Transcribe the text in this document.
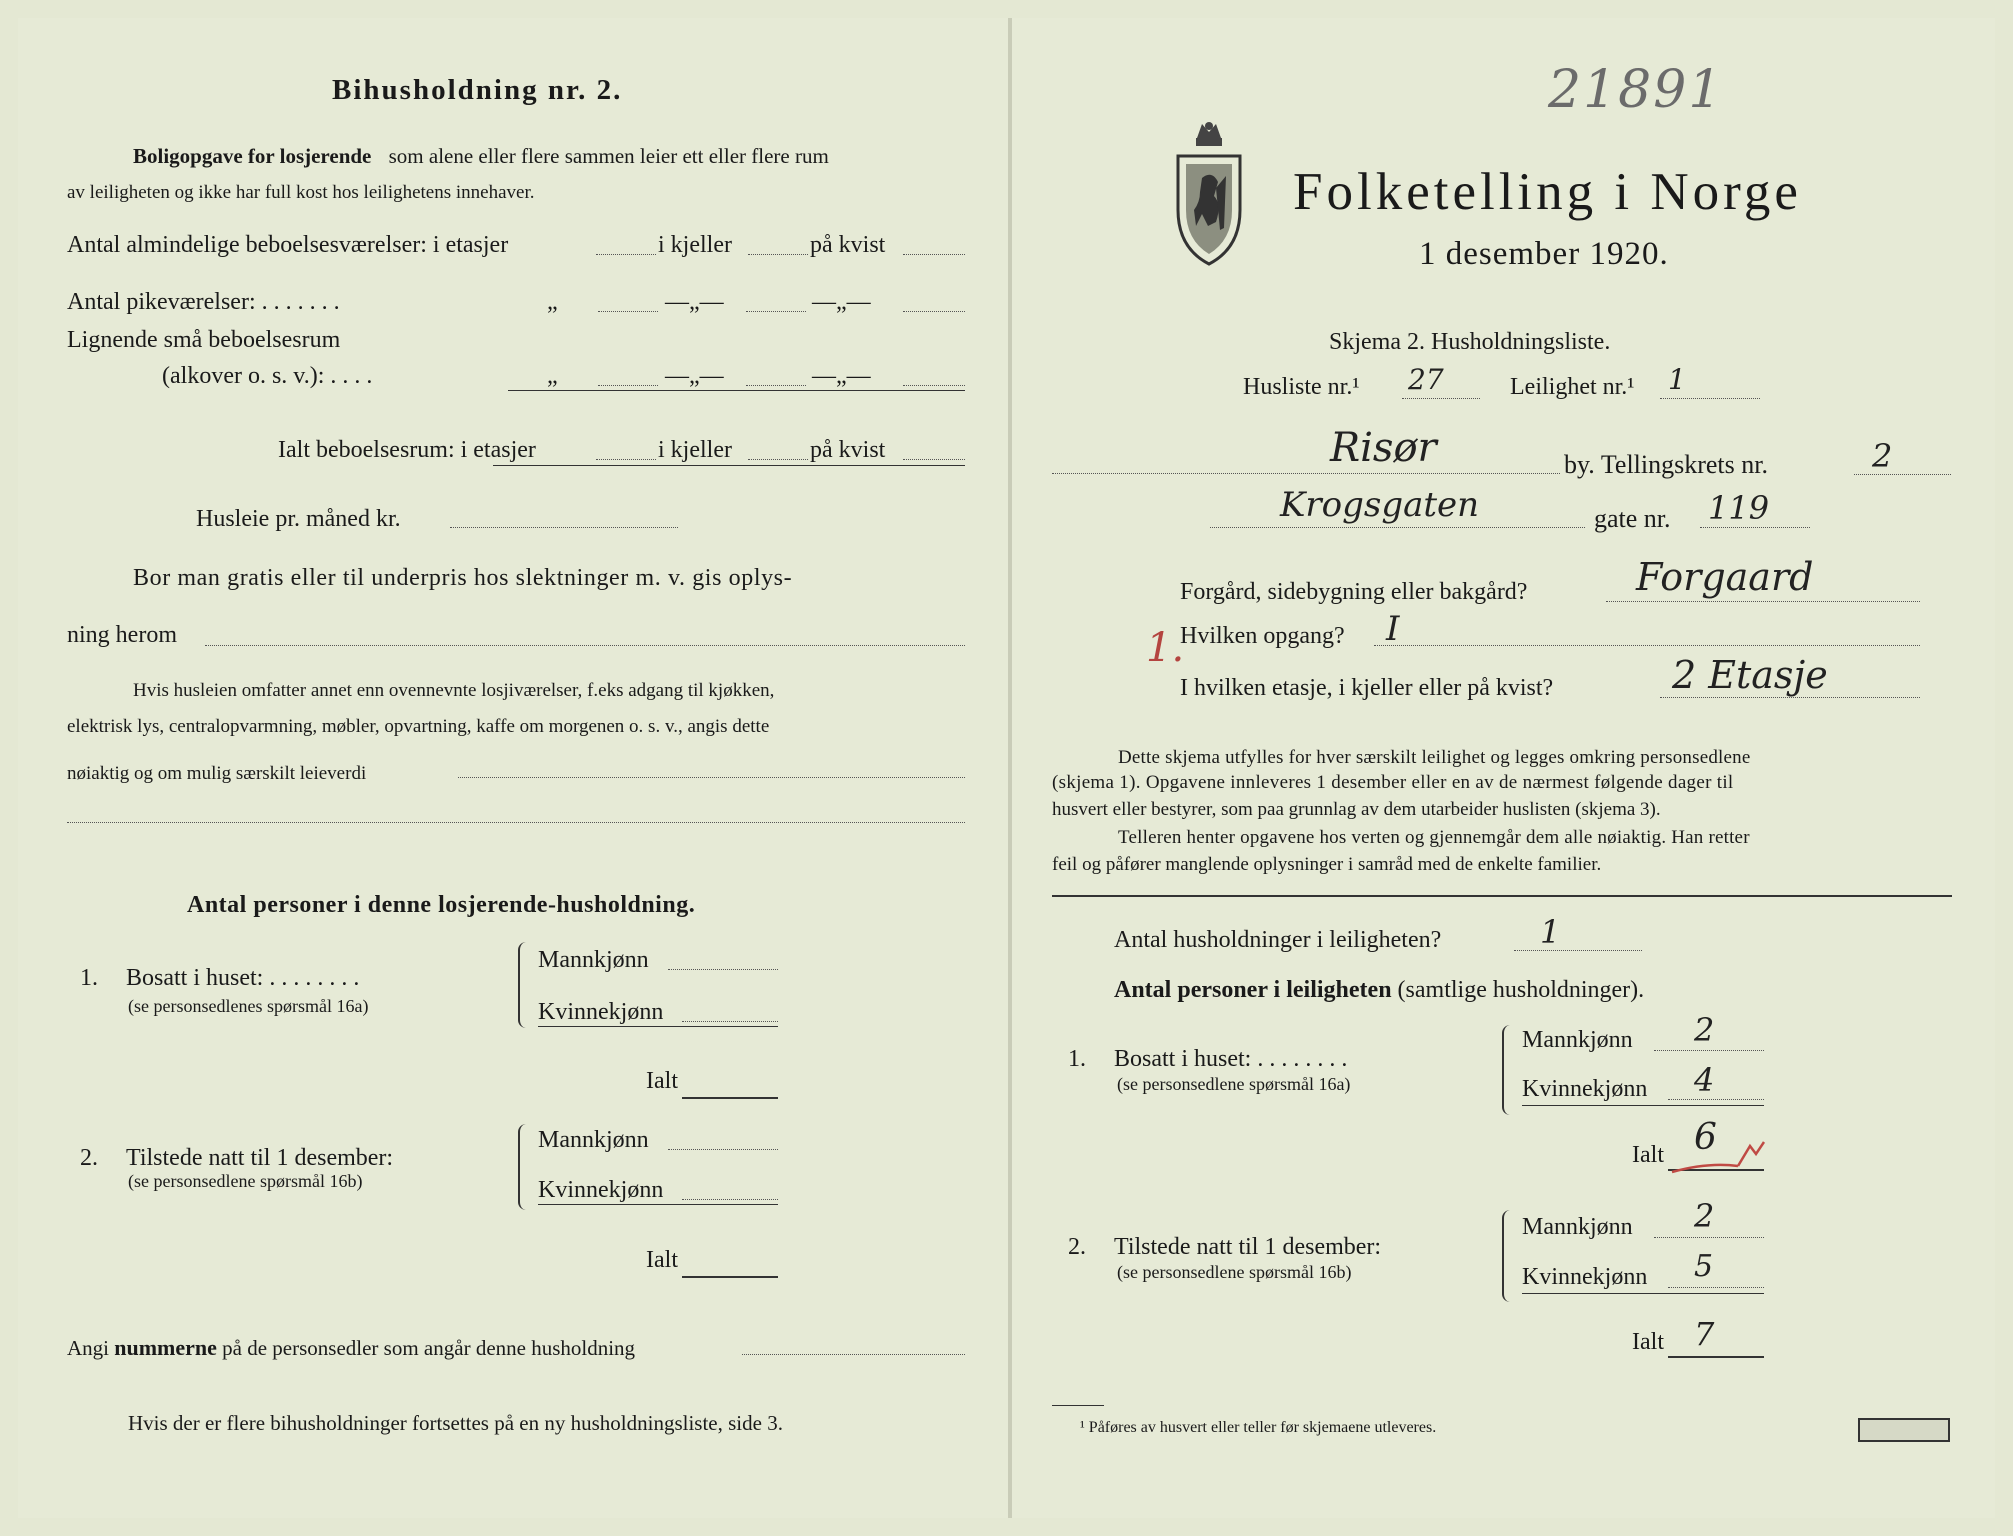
Bihusholdning nr. 2.
Boligopgave for losjerende som alene eller flere sammen leier ett eller flere rum
av leiligheten og ikke har full kost hos leilighetens innehaver.
Antal almindelige beboelsesværelser: i etasjer	i kjeller	på kvist
Antal pikeværelser: . . . . . . .	„	—„—	—„—
Lignende små beboelsesrum
(alkover o. s. v.): . . . .	„	—„—	—„—
Ialt beboelsesrum: i etasjer	i kjeller	på kvist
Husleie pr. måned kr.
Bor man gratis eller til underpris hos slektninger m. v. gis oplys-
ning herom
Hvis husleien omfatter annet enn ovennevnte losjiværelser, f.eks adgang til kjøkken,
elektrisk lys, centralopvarmning, møbler, opvartning, kaffe om morgenen o. s. v., angis dette
nøiaktig og om mulig særskilt leieverdi
Antal personer i denne losjerende-husholdning.
1. Bosatt i huset: . . . . . . . .
(se personsedlenes spørsmål 16a)
Mannkjønn
Kvinnekjønn
Ialt
2. Tilstede natt til 1 desember:
(se personsedlene spørsmål 16b)
Mannkjønn
Kvinnekjønn
Ialt
Angi nummerne på de personsedler som angår denne husholdning
Hvis der er flere bihusholdninger fortsettes på en ny husholdningsliste, side 3.
21891
Folketelling i Norge
1 desember 1920.
Skjema 2. Husholdningsliste.
Husliste nr.¹ 27	Leilighet nr.¹ 1
Risør	by. Tellingskrets nr.	2
Krogsgaten	gate nr. 119
Forgård, sidebygning eller bakgård?	Forgaard
1.
Hvilken opgang? I
I hvilken etasje, i kjeller eller på kvist?	2 Etasje
Dette skjema utfylles for hver særskilt leilighet og legges omkring personsedlene
(skjema 1). Opgavene innleveres 1 desember eller en av de nærmest følgende dager til
husvert eller bestyrer, som paa grunnlag av dem utarbeider huslisten (skjema 3).
Telleren henter opgavene hos verten og gjennemgår dem alle nøiaktig. Han retter
feil og påfører manglende oplysninger i samråd med de enkelte familier.
Antal husholdninger i leiligheten?	1
Antal personer i leiligheten (samtlige husholdninger).
1. Bosatt i huset: . . . . . . . .
(se personsedlene spørsmål 16a)
Mannkjønn 2
Kvinnekjønn 4
Ialt 6
2. Tilstede natt til 1 desember:
(se personsedlene spørsmål 16b)
Mannkjønn 2
Kvinnekjønn 5
Ialt 7
¹ Påføres av husvert eller teller før skjemaene utleveres.
